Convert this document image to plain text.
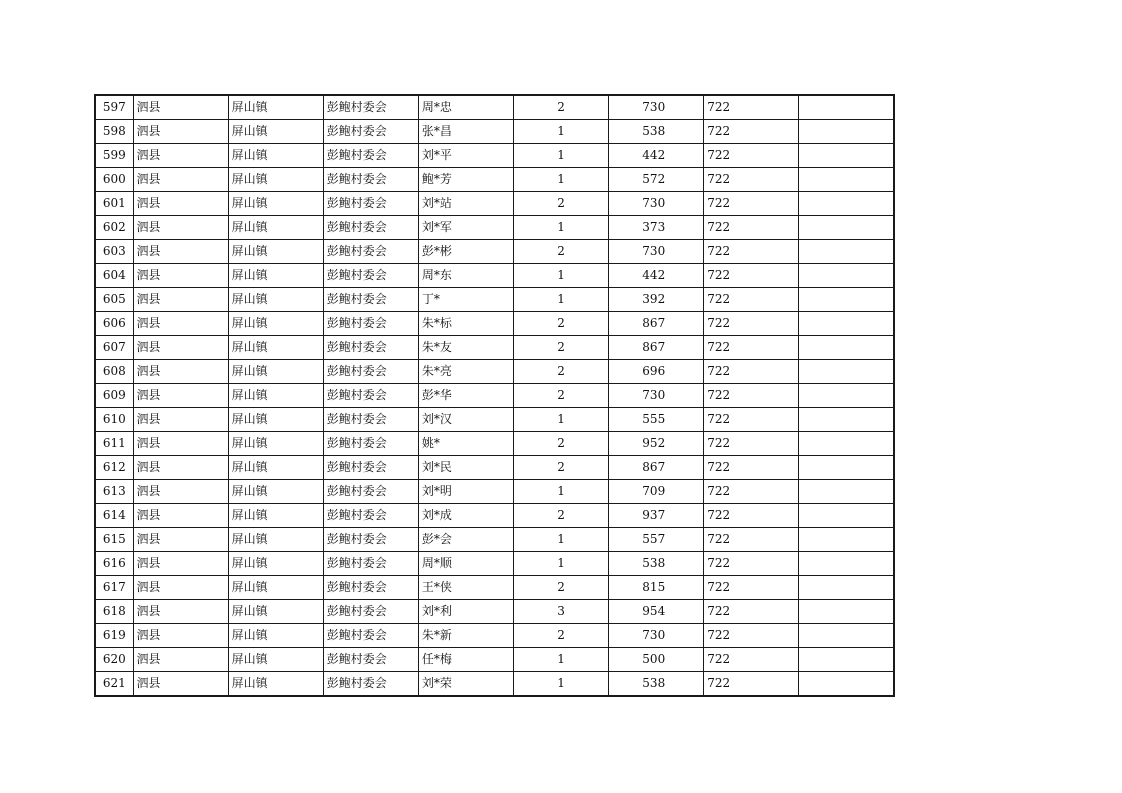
597	泗县	屏山镇	彭鲍村委会	周*忠	2	730	722	
598	泗县	屏山镇	彭鲍村委会	张*昌	1	538	722	
599	泗县	屏山镇	彭鲍村委会	刘*平	1	442	722	
600	泗县	屏山镇	彭鲍村委会	鲍*芳	1	572	722	
601	泗县	屏山镇	彭鲍村委会	刘*站	2	730	722	
602	泗县	屏山镇	彭鲍村委会	刘*军	1	373	722	
603	泗县	屏山镇	彭鲍村委会	彭*彬	2	730	722	
604	泗县	屏山镇	彭鲍村委会	周*东	1	442	722	
605	泗县	屏山镇	彭鲍村委会	丁*	1	392	722	
606	泗县	屏山镇	彭鲍村委会	朱*标	2	867	722	
607	泗县	屏山镇	彭鲍村委会	朱*友	2	867	722	
608	泗县	屏山镇	彭鲍村委会	朱*亮	2	696	722	
609	泗县	屏山镇	彭鲍村委会	彭*华	2	730	722	
610	泗县	屏山镇	彭鲍村委会	刘*汉	1	555	722	
611	泗县	屏山镇	彭鲍村委会	姚*	2	952	722	
612	泗县	屏山镇	彭鲍村委会	刘*民	2	867	722	
613	泗县	屏山镇	彭鲍村委会	刘*明	1	709	722	
614	泗县	屏山镇	彭鲍村委会	刘*成	2	937	722	
615	泗县	屏山镇	彭鲍村委会	彭*会	1	557	722	
616	泗县	屏山镇	彭鲍村委会	周*顺	1	538	722	
617	泗县	屏山镇	彭鲍村委会	王*侠	2	815	722	
618	泗县	屏山镇	彭鲍村委会	刘*利	3	954	722	
619	泗县	屏山镇	彭鲍村委会	朱*新	2	730	722	
620	泗县	屏山镇	彭鲍村委会	任*梅	1	500	722	
621	泗县	屏山镇	彭鲍村委会	刘*荣	1	538	722	
